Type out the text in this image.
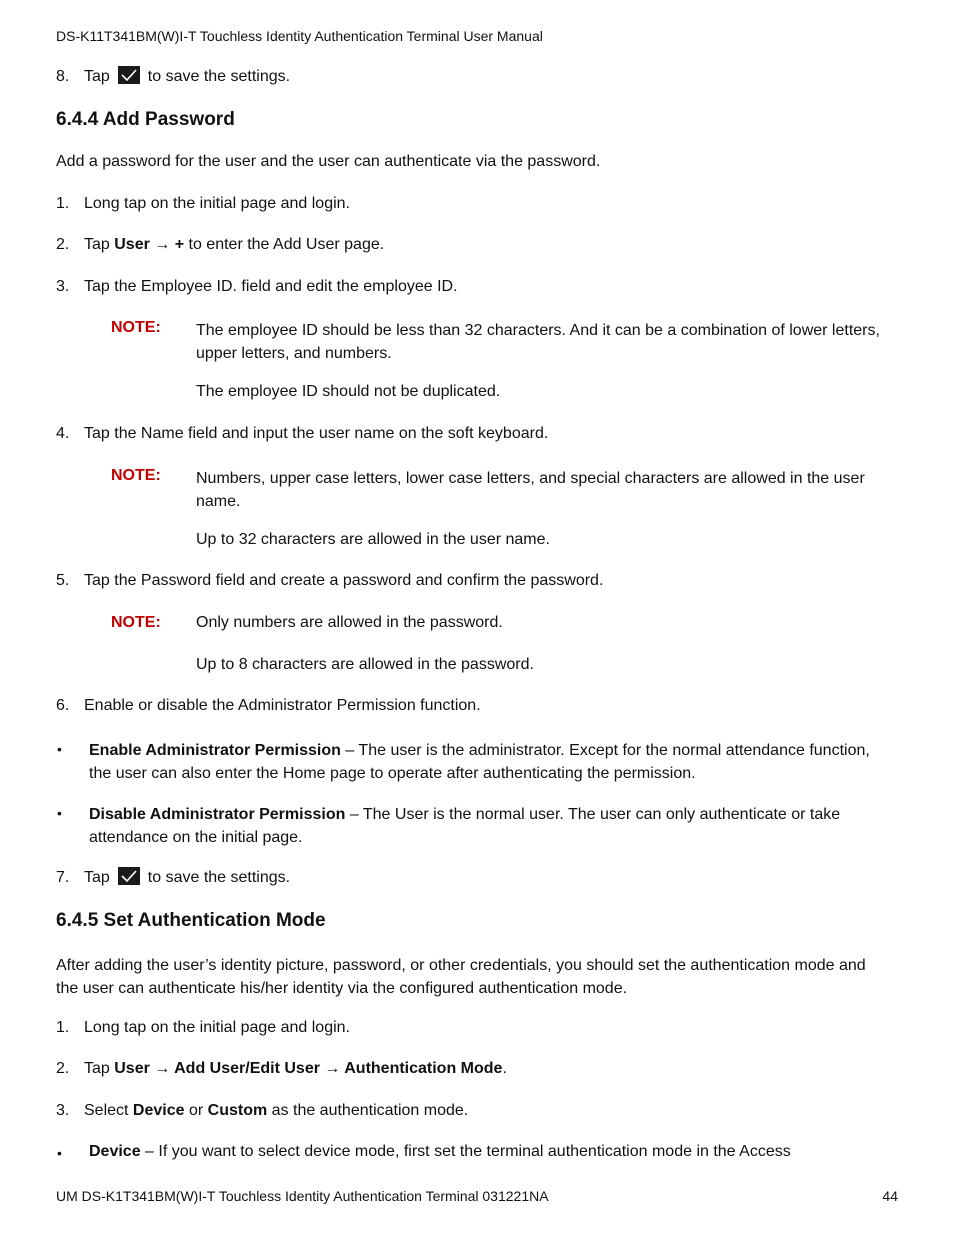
DS-K11T341BM(W)I-T Touchless Identity Authentication Terminal User Manual
8. Tap to save the settings.
6.4.4 Add Password
Add a password for the user and the user can authenticate via the password.
1. Long tap on the initial page and login.
2. Tap User → + to enter the Add User page.
3. Tap the Employee ID. field and edit the employee ID.
NOTE: The employee ID should be less than 32 characters. And it can be a combination of lower letters, upper letters, and numbers.
The employee ID should not be duplicated.
4. Tap the Name field and input the user name on the soft keyboard.
NOTE: Numbers, upper case letters, lower case letters, and special characters are allowed in the user name.
Up to 32 characters are allowed in the user name.
5. Tap the Password field and create a password and confirm the password.
NOTE: Only numbers are allowed in the password.
Up to 8 characters are allowed in the password.
6. Enable or disable the Administrator Permission function.
• Enable Administrator Permission – The user is the administrator. Except for the normal attendance function, the user can also enter the Home page to operate after authenticating the permission.
• Disable Administrator Permission – The User is the normal user. The user can only authenticate or take attendance on the initial page.
7. Tap to save the settings.
6.4.5 Set Authentication Mode
After adding the user’s identity picture, password, or other credentials, you should set the authentication mode and the user can authenticate his/her identity via the configured authentication mode.
1. Long tap on the initial page and login.
2. Tap User → Add User/Edit User → Authentication Mode.
3. Select Device or Custom as the authentication mode.
• Device – If you want to select device mode, first set the terminal authentication mode in the Access
UM DS-K1T341BM(W)I-T Touchless Identity Authentication Terminal 031221NA	44
